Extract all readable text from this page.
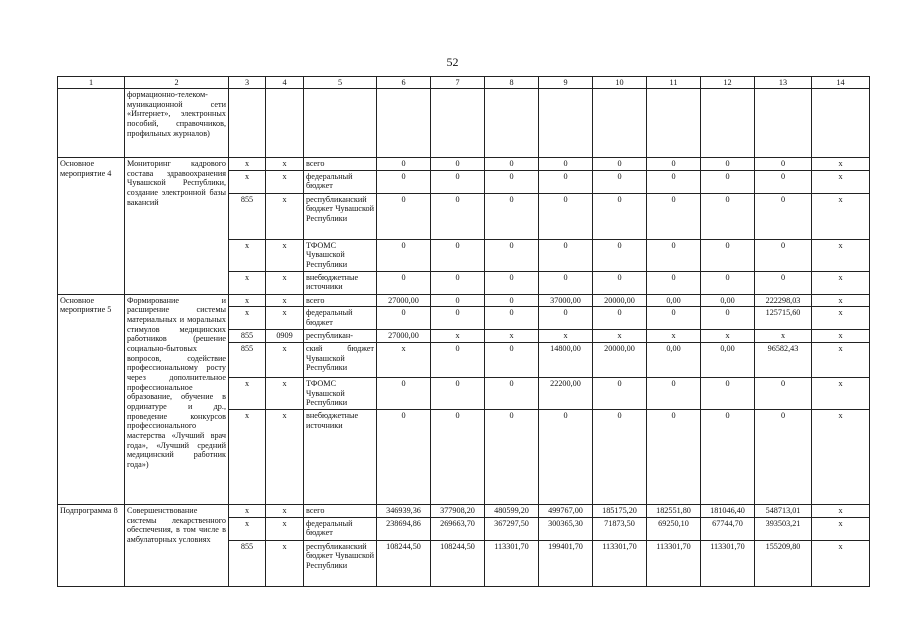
52
1	2	3	4	5	6	7	8	9	10	11	12	13	14
	формационно-телеком-муникационной сети «Интернет», электронных пособий, справочников, профильных журналов)												
Основное мероприятие 4	Мониторинг кадрового состава здравоохранения Чувашской Республики, создание электронной базы вакансий	x	x	всего	0	0	0	0	0	0	0	0	x
		x	x	федеральный бюджет	0	0	0	0	0	0	0	0	x
		855	x	республиканский бюджет Чувашской Республики	0	0	0	0	0	0	0	0	x
		x	x	ТФОМС Чувашской Республики	0	0	0	0	0	0	0	0	x
		x	x	внебюджетные источники	0	0	0	0	0	0	0	0	x
Основное мероприятие 5	Формирование и расширение системы материальных и моральных стимулов медицинских работников (решение социально-бытовых вопросов, содействие профессиональному росту через дополнительное профессиональное образование, обучение в ординатуре и др., проведение конкурсов профессионального мастерства «Лучший врач года», «Лучший средний медицинский работник года»)	x	x	всего	27000,00	0	0	37000,00	20000,00	0,00	0,00	222298,03	x
		x	x	федеральный бюджет	0	0	0	0	0	0	0	125715,60	x
		855	0909	республикан-	27000,00	x	x	x	x	x	x	x	x
		855	x	ский бюджет Чувашской Республики	x	0	0	14800,00	20000,00	0,00	0,00	96582,43	x
		x	x	ТФОМС Чувашской Республики	0	0	0	22200,00	0	0	0	0	x
		x	x	внебюджетные источники	0	0	0	0	0	0	0	0	x
Подпрограмма 8	Совершенствование системы лекарственного обеспечения, в том числе в амбулаторных условиях	x	x	всего	346939,36	377908,20	480599,20	499767,00	185175,20	182551,80	181046,40	548713,01	x
		x	x	федеральный бюджет	238694,86	269663,70	367297,50	300365,30	71873,50	69250,10	67744,70	393503,21	x
		855	x	республиканский бюджет Чувашской Республики	108244,50	108244,50	113301,70	199401,70	113301,70	113301,70	113301,70	155209,80	x
